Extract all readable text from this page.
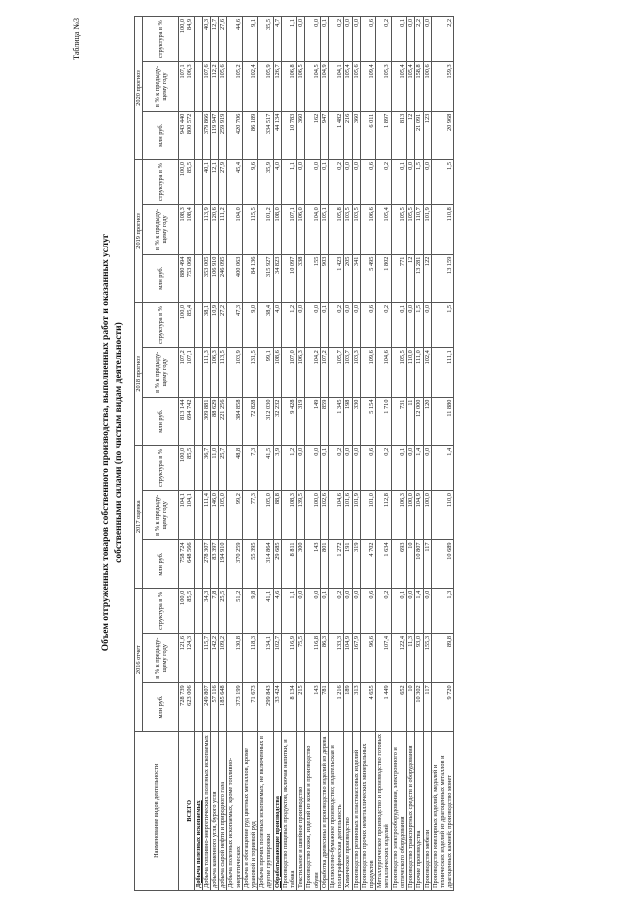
Таблица №3
Объем отгруженных товаров собственного производства, выполненных работ и оказанных услуг собственными силами (по чистым видам деятельности)
Наименование видов деятельности	2016 отчет			2017 оценка			2018 прогноз			2019 прогноз			2020 прогноз		
	млн руб.	в % к предыду-щему году	структура в %	млн руб.	в % к предыду-щему году	структура в %	млн руб.	в % к предыду-щему году	структура в %	млн руб.	в % к предыду-щему году	структура в %	млн руб.	в % к предыду-щему году	структура в %
ВСЕГО	728 739 623 006	121,6 124,3	100,0 85,5	758 724 648 566	104,1 104,1	100,0 85,5	813 144 694 742	107,2 107,1	100,0 85,4	880 494 753 068	108,3 108,4	100,0 85,5	943 440 800 572	107,1 106,3	100,0 84,9

Добыча полезных ископаемых															
Добыча топливно-энергетических полезных ископаемых	249 807	115,7	34,3	278 307	111,4	36,7	309 881	111,3	38,1	353 005	113,9	40,1	379 866	107,6	40,3

добыча каменного угля, бурого угля	57 116	142,2	7,8	83 397	146,0	11,0	88 629	106,3	10,9	106 910	120,6	12,1	119 947	112,2	12,7

добыча сырой нефти и природного газа	185 648	109,2	25,5	194 910	105,0	25,7	221 256	113,5	27,2	246 095	111,2	27,9	259 919	105,6	27,6

Добыча полезных ископаемых, кроме топливно-энергетических	373 199	130,8	51,2	370 259	99,2	48,8	384 858	103,9	47,3	400 063	104,0	45,4	420 706	105,2	44,6

Добыча и обогащение руд цветных металлов, кроме урановой и ториевой руд	71 673	118,3	9,8	55 395	77,3	7,3	72 828	131,5	9,0	84 136	115,5	9,6	86 189	102,4	9,1

Добыча прочих полезных ископаемых, не включенных в другие группировки	299 843	134,1	41,1	314 864	105,0	41,5	312 030	99,1	38,4	315 927	101,2	35,9	334 517	105,9	35,5

Обрабатывающие производства	33 424	102,7	4,6	29 685	88,8	3,9	32 232	108,6	4,0	34 823	108,0	4,0	44 134	126,7	4,7

Производство пищевых продуктов, включая напитки, и табака	8 134	116,9	1,1	8 811	108,3	1,2	9 428	107,0	1,2	10 097	107,1	1,1	10 783	106,8	1,1

Текстильное и швейное производство	215	75,5	0,0	300	139,5	0,0	319	106,3	0,0	338	106,0	0,0	360	106,5	0,0

Производство кожи, изделий из кожи и производство обуви	143	116,8	0,0	143	100,0	0,0	149	104,2	0,0	155	104,0	0,0	162	104,5	0,0

Обработка древесины и производство изделий из дерева	781	86,3	0,1	801	102,6	0,1	859	107,2	0,1	903	105,1	0,1	947	104,9	0,1

Целлюлозно-бумажное производство; издательская и полиграфическая деятельность	1 216	133,3	0,2	1 272	104,6	0,2	1 345	105,7	0,2	1 423	105,8	0,2	1 482	104,1	0,2

Химическое производство	189	104,9	0,0	191	101,6	0,0	198	103,7	0,0	205	103,5	0,0	216	105,4	0,0

Производство резиновых и пластмассовых изделий	313	167,9	0,0	319	101,9	0,0	330	103,3	0,0	341	103,5	0,0	360	105,6	0,0

Производство прочих неметаллических минеральных продуктов	4 655	96,6	0,6	4 702	101,0	0,6	5 154	109,6	0,6	5 495	106,6	0,6	6 011	109,4	0,6

Металлургическое производство и производство готовых металлических изделий	1 449	107,4	0,2	1 634	112,8	0,2	1 710	104,6	0,2	1 802	105,4	0,2	1 897	105,3	0,2

Производство электрооборудования, электронного и оптического оборудования	652	122,4	0,1	693	106,3	0,1	731	105,5	0,1	771	105,5	0,1	813	105,4	0,1

Производство транспортных средств и оборудования	10	11,3	0,0	10	100,0	0,0	11	110,0	0,0	12	105,5	0,0	12	105,4	0,0

Прочие производства	10 302	93,0	1,4	10 807	104,9	1,4	12 000	111,0	1,5	13 281	110,7	1,5	21 091	158,8	2,2

Производство мебели	117	155,3	0,0	117	100,0	0,0	120	102,4	0,0	122	101,9	0,0	123	100,6	0,0

Производство ювелирных изделий, медалей и технических изделий из драгоценных металлов и драгоценных камней; производство монет	9 720	89,8	1,3	10 689	110,0	1,4	11 880	111,1	1,5	13 159	110,8	1,5	20 968	159,3	2,2
